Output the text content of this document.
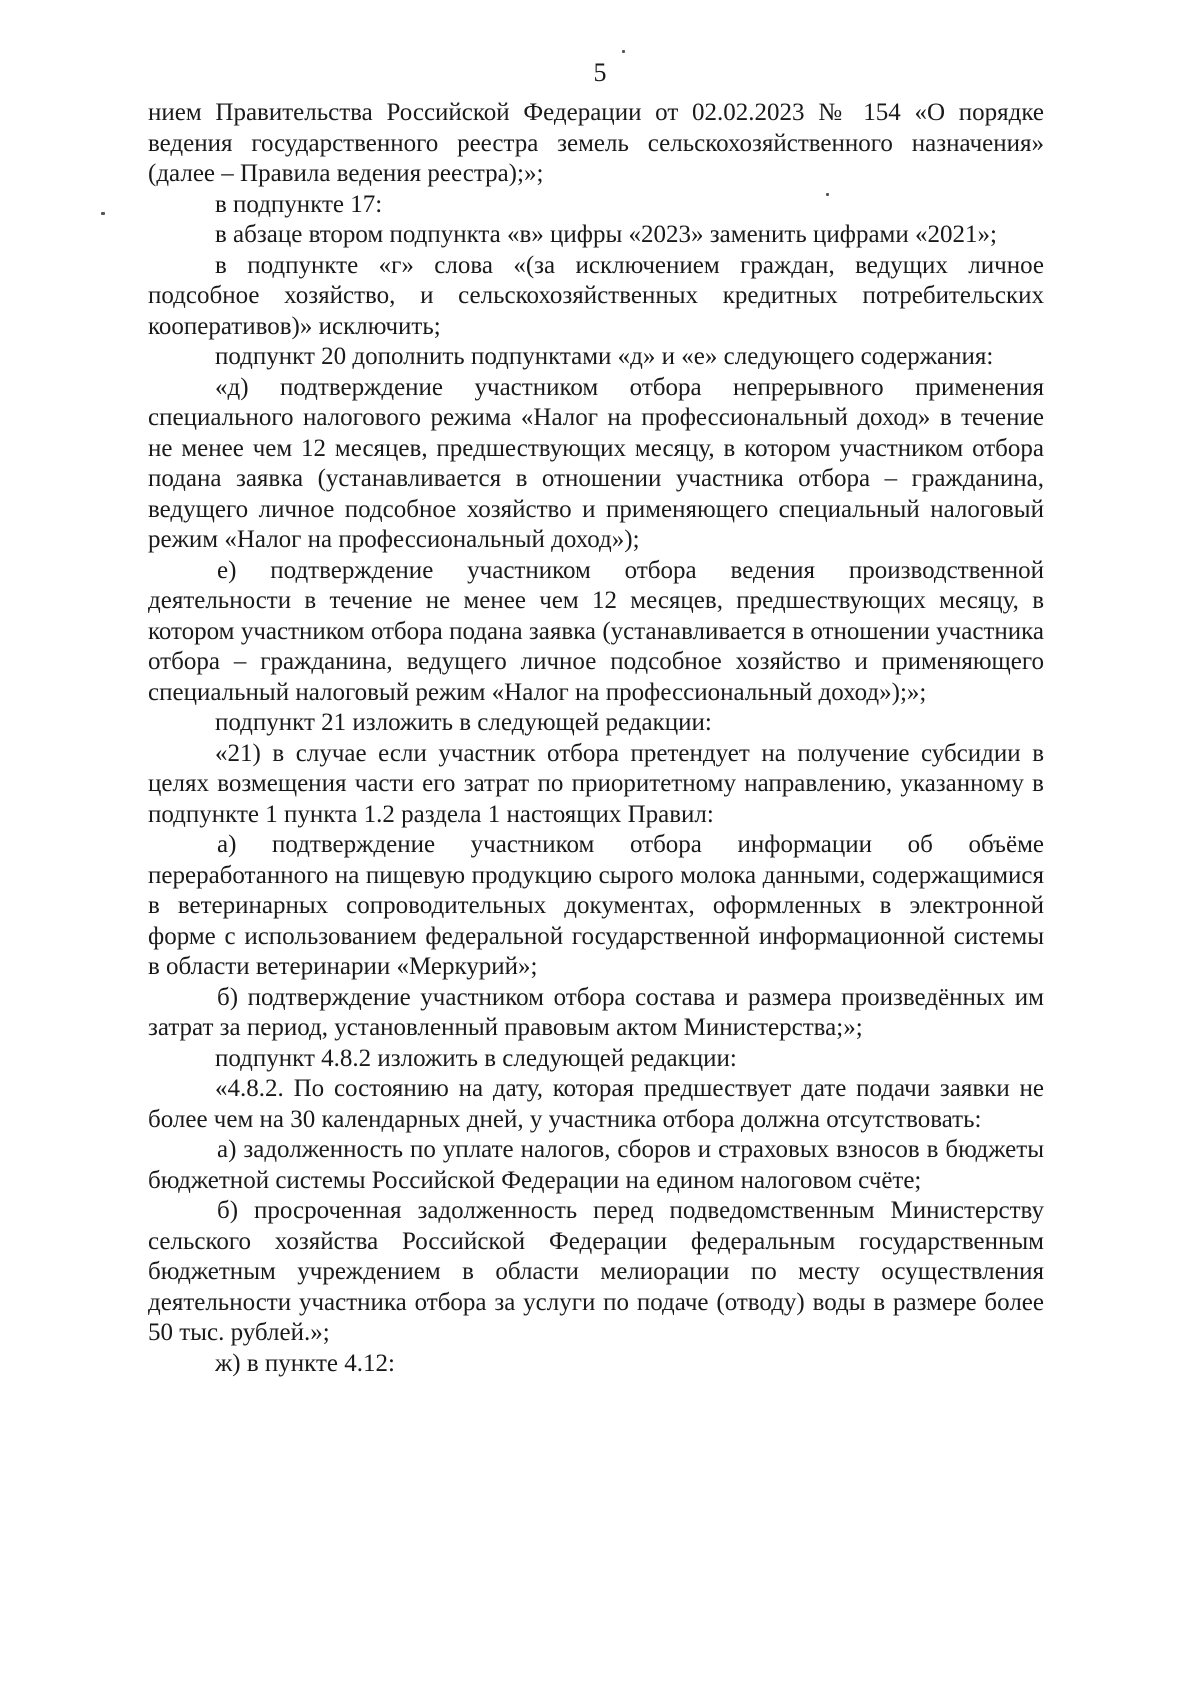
5

нием Правительства Российской Федерации от 02.02.2023 № 154 «О порядке ведения государственного реестра земель сельскохозяйственного назначения» (далее – Правила ведения реестра);»;

в подпункте 17:

в абзаце втором подпункта «в» цифры «2023» заменить цифрами «2021»;

в подпункте «г» слова «(за исключением граждан, ведущих личное подсобное хозяйство, и сельскохозяйственных кредитных потребительских кооперативов)» исключить;

подпункт 20 дополнить подпунктами «д» и «е» следующего содержания:

«д) подтверждение участником отбора непрерывного применения специального налогового режима «Налог на профессиональный доход» в течение не менее чем 12 месяцев, предшествующих месяцу, в котором участником отбора подана заявка (устанавливается в отношении участника отбора – гражданина, ведущего личное подсобное хозяйство и применяющего специальный налоговый режим «Налог на профессиональный доход»);

е) подтверждение участником отбора ведения производственной деятельности в течение не менее чем 12 месяцев, предшествующих месяцу, в котором участником отбора подана заявка (устанавливается в отношении участника отбора – гражданина, ведущего личное подсобное хозяйство и применяющего специальный налоговый режим «Налог на профессиональный доход»);»;

подпункт 21 изложить в следующей редакции:

«21) в случае если участник отбора претендует на получение субсидии в целях возмещения части его затрат по приоритетному направлению, указанному в подпункте 1 пункта 1.2 раздела 1 настоящих Правил:

а) подтверждение участником отбора информации об объёме переработанного на пищевую продукцию сырого молока данными, содержащимися в ветеринарных сопроводительных документах, оформленных в электронной форме с использованием федеральной государственной информационной системы в области ветеринарии «Меркурий»;

б) подтверждение участником отбора состава и размера произведённых им затрат за период, установленный правовым актом Министерства;»;

подпункт 4.8.2 изложить в следующей редакции:

«4.8.2. По состоянию на дату, которая предшествует дате подачи заявки не более чем на 30 календарных дней, у участника отбора должна отсутствовать:

а) задолженность по уплате налогов, сборов и страховых взносов в бюджеты бюджетной системы Российской Федерации на едином налоговом счёте;

б) просроченная задолженность перед подведомственным Министерству сельского хозяйства Российской Федерации федеральным государственным бюджетным учреждением в области мелиорации по месту осуществления деятельности участника отбора за услуги по подаче (отводу) воды в размере более 50 тыс. рублей.»;

ж) в пункте 4.12:
